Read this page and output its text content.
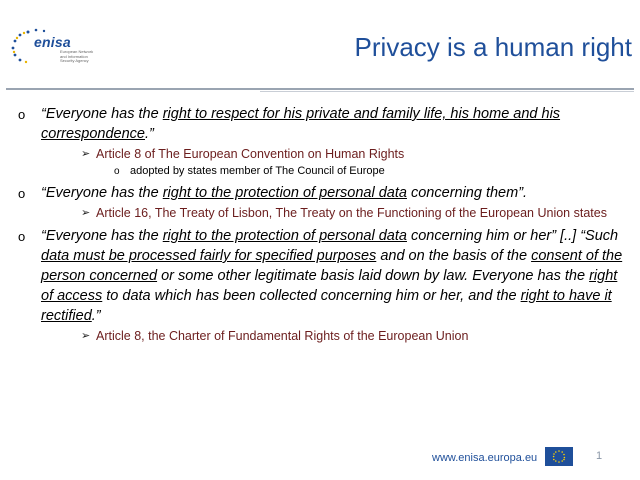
enisa
European Network and Information Security Agency	Privacy is a human right
o “Everyone has the right to respect for his private and family life, his home and his correspondence.”
➢ Article 8 of The European Convention on Human Rights
o adopted by states member of The Council of Europe
o “Everyone has the right to the protection of personal data concerning them”.
➢ Article 16, The Treaty of Lisbon, The Treaty on the Functioning of the European Union states
o “Everyone has the right to the protection of personal data concerning him or her” [..] “Such data must be processed fairly for specified purposes and on the basis of the consent of the person concerned or some other legitimate basis laid down by law. Everyone has the right of access to data which has been collected concerning him or her, and the right to have it rectified.”
➢ Article 8, the Charter of Fundamental Rights of the European Union
www.enisa.europa.eu	1
